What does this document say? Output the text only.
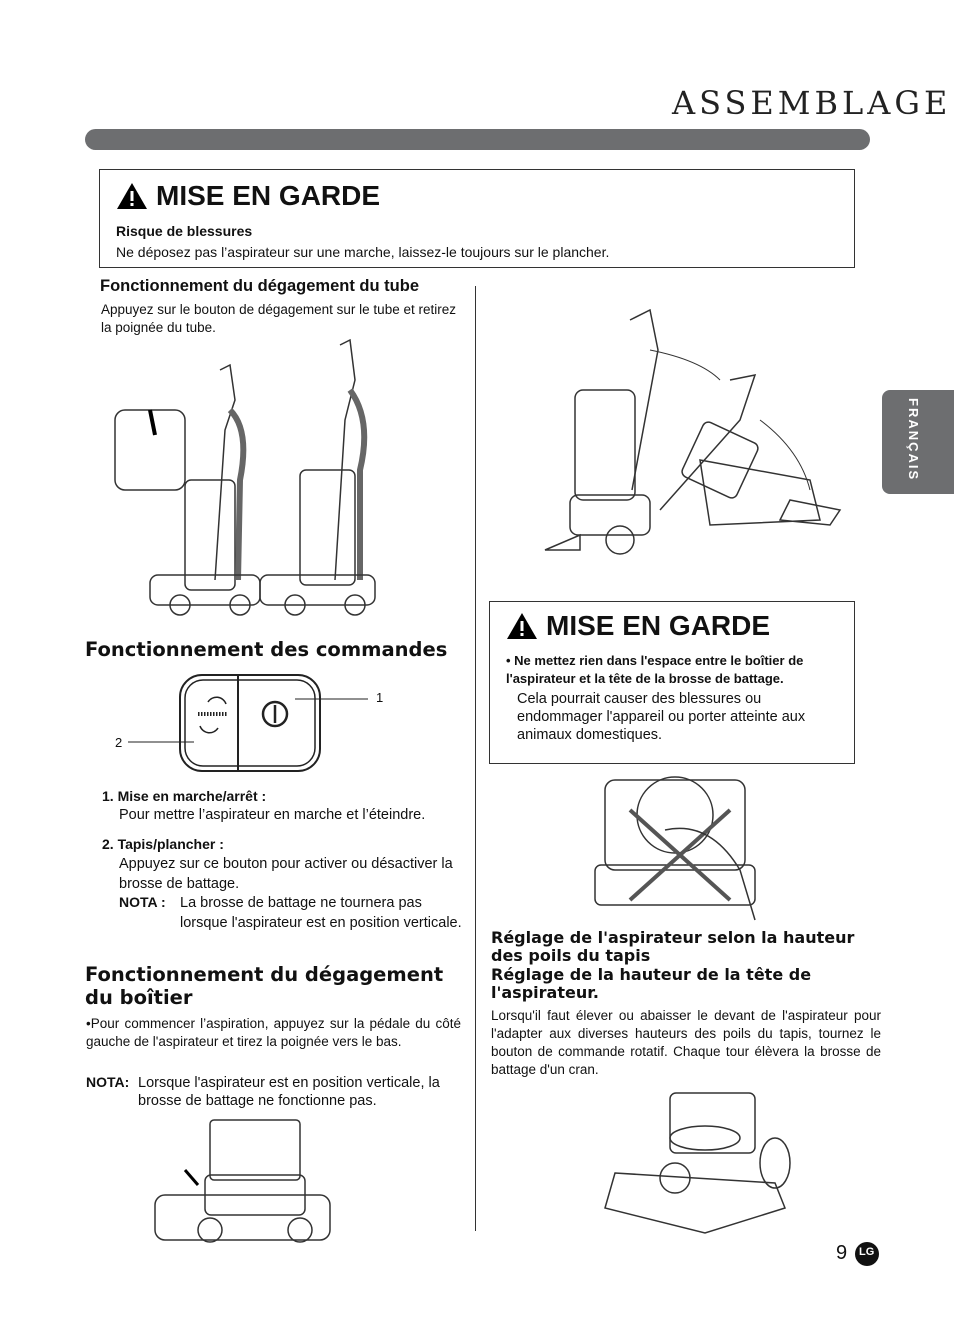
ASSEMBLAGE
FRANÇAIS
MISE EN GARDE
Risque de blessures
Ne déposez pas l’aspirateur sur une marche, laissez-le toujours sur le plancher.
Fonctionnement du dégagement du tube
Appuyez sur le bouton de dégagement sur le tube et retirez la poignée du tube.
Fonctionnement des commandes
1
2
1. Mise en marche/arrêt :
Pour mettre l’aspirateur en marche et l’éteindre.
2. Tapis/plancher :
Appuyez sur ce bouton pour activer ou désactiver la brosse de battage.
NOTA : La brosse de battage ne tournera pas lorsque l'aspirateur est en position verticale.
Fonctionnement du dégagement du boîtier
•Pour commencer l’aspiration, appuyez sur la pédale du côté gauche de l'aspirateur et tirez la poignée vers le bas.
NOTA: Lorsque l'aspirateur est en position verticale, la brosse de battage ne fonctionne pas.
MISE EN GARDE
• Ne mettez rien dans l'espace entre le boîtier de l'aspirateur et la tête de la brosse de battage.
Cela pourrait causer des blessures ou endommager l'appareil ou porter atteinte aux animaux domestiques.
Réglage de l'aspirateur selon la hauteur des poils du tapis
Réglage de la hauteur de la tête de l'aspirateur.
Lorsqu'il faut élever ou abaisser le devant de l'aspirateur pour l'adapter aux diverses hauteurs des poils du tapis, tournez le bouton de commande rotatif. Chaque tour élèvera la brosse de battage d'un cran.
9 LG
